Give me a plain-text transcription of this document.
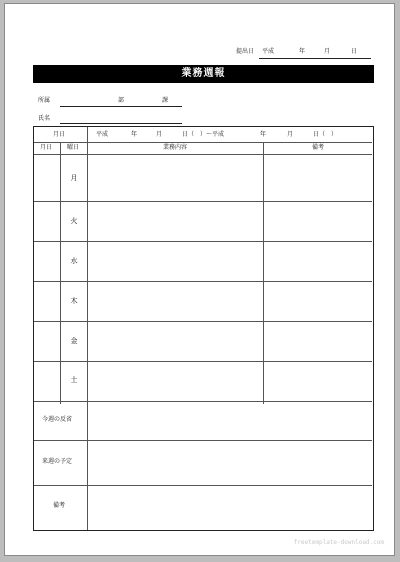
提出日 平成	年	月	日
業務週報
所属	部	課
氏名
月日	平成	年	月	日（　）～平成	年	月	日（　）
月日 曜日	業務内容	備考
月
火
水
木
金
土
今週の反省
来週の予定
備考
freetemplate-download.com
